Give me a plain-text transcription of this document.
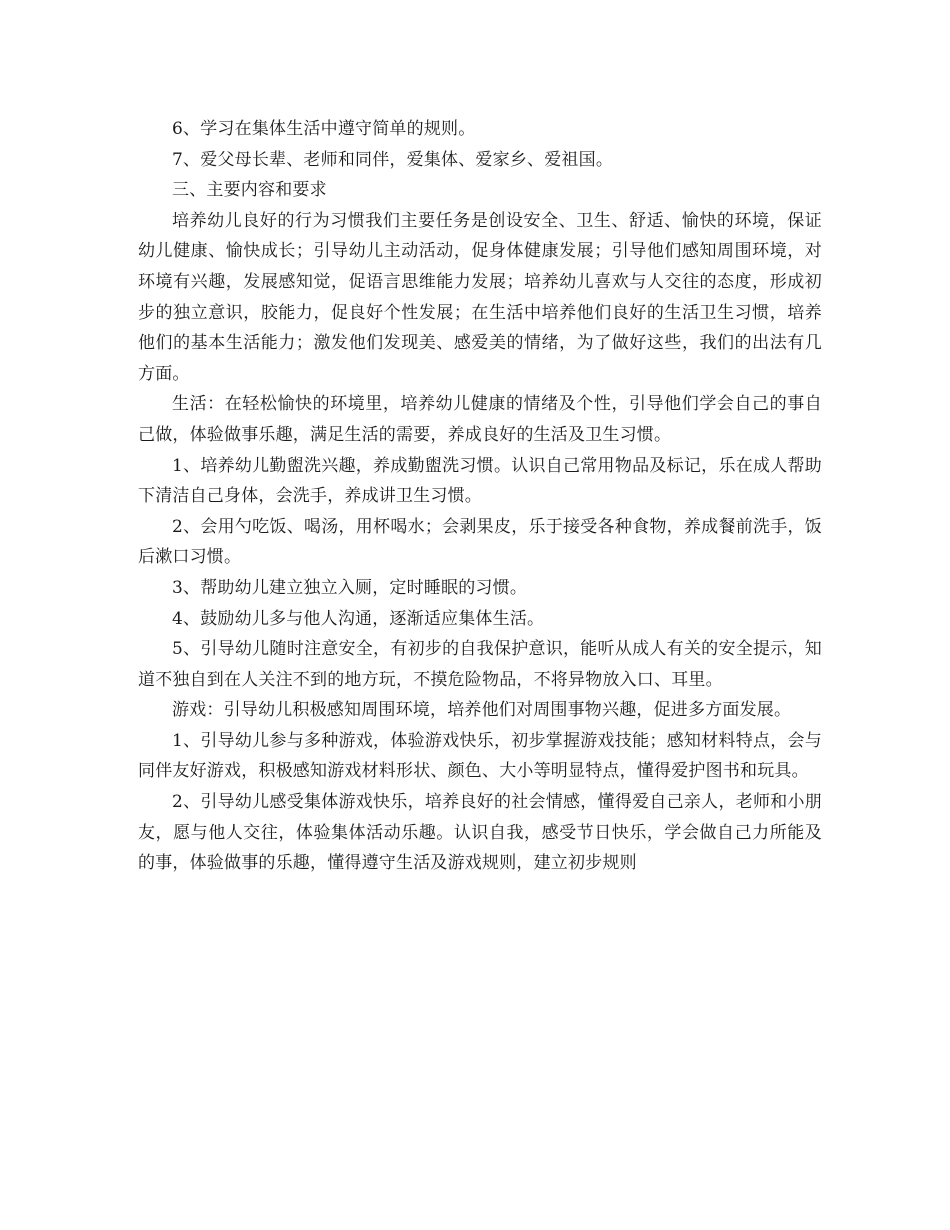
6、学习在集体生活中遵守简单的规则。

7、爱父母长辈、老师和同伴，爱集体、爱家乡、爱祖国。

三、主要内容和要求

培养幼儿良好的行为习惯我们主要任务是创设安全、卫生、舒适、愉快的环境，保证幼儿健康、愉快成长；引导幼儿主动活动，促身体健康发展；引导他们感知周围环境，对环境有兴趣，发展感知觉，促语言思维能力发展；培养幼儿喜欢与人交往的态度，形成初步的独立意识，胶能力，促良好个性发展；在生活中培养他们良好的生活卫生习惯，培养他们的基本生活能力；激发他们发现美、感爱美的情绪，为了做好这些，我们的出法有几方面。

生活：在轻松愉快的环境里，培养幼儿健康的情绪及个性，引导他们学会自己的事自己做，体验做事乐趣，满足生活的需要，养成良好的生活及卫生习惯。

1、培养幼儿勤盥洗兴趣，养成勤盥洗习惯。认识自己常用物品及标记，乐在成人帮助下清洁自己身体，会洗手，养成讲卫生习惯。

2、会用勺吃饭、喝汤，用杯喝水；会剥果皮，乐于接受各种食物，养成餐前洗手，饭后漱口习惯。

3、帮助幼儿建立独立入厕，定时睡眠的习惯。

4、鼓励幼儿多与他人沟通，逐渐适应集体生活。

5、引导幼儿随时注意安全，有初步的自我保护意识，能听从成人有关的安全提示，知道不独自到在人关注不到的地方玩，不摸危险物品，不将异物放入口、耳里。

游戏：引导幼儿积极感知周围环境，培养他们对周围事物兴趣，促进多方面发展。

1、引导幼儿参与多种游戏，体验游戏快乐，初步掌握游戏技能；感知材料特点，会与同伴友好游戏，积极感知游戏材料形状、颜色、大小等明显特点，懂得爱护图书和玩具。

2、引导幼儿感受集体游戏快乐，培养良好的社会情感，懂得爱自己亲人，老师和小朋友，愿与他人交往，体验集体活动乐趣。认识自我，感受节日快乐，学会做自己力所能及的事，体验做事的乐趣，懂得遵守生活及游戏规则，建立初步规则
